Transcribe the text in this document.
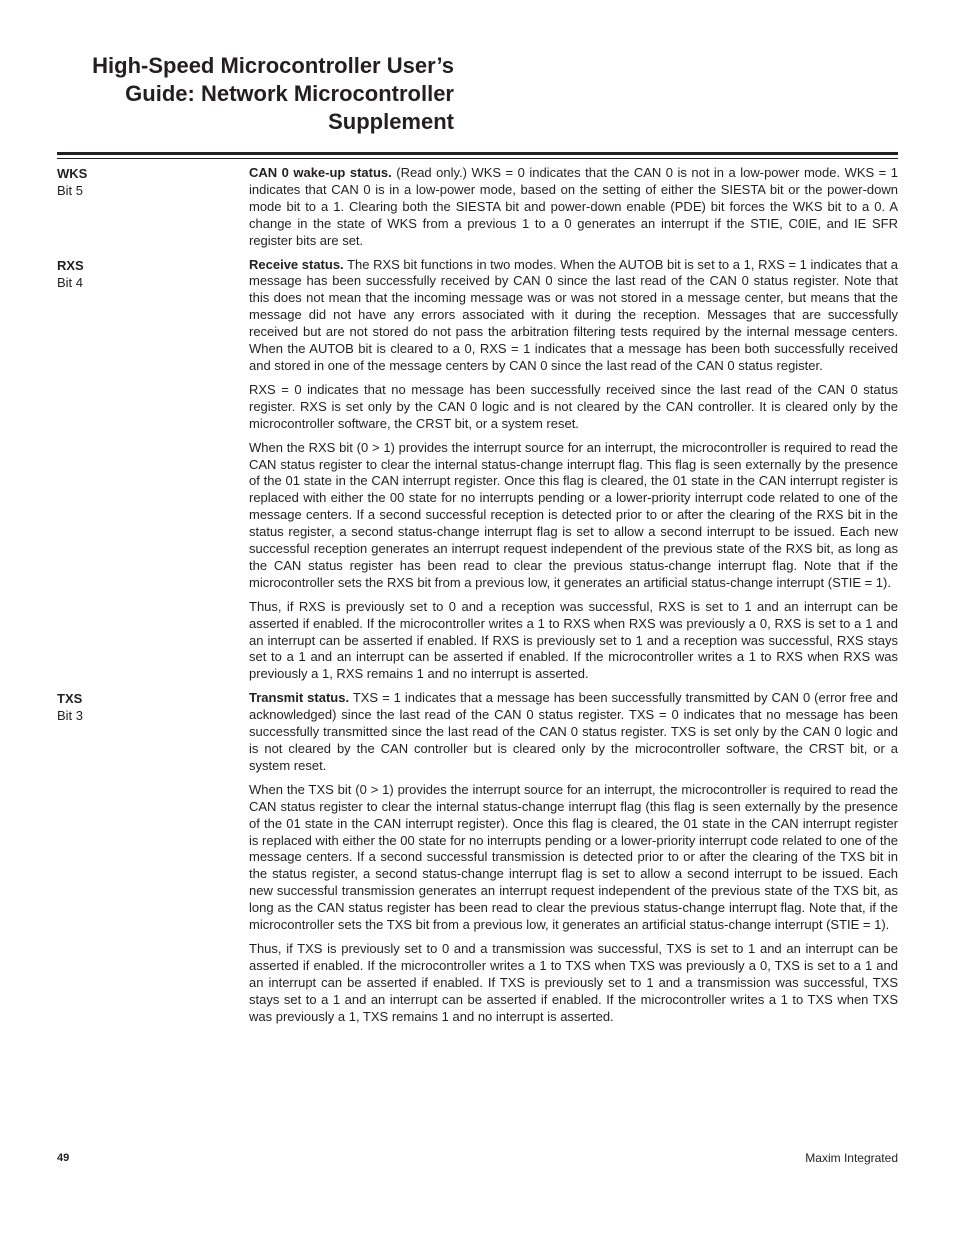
High-Speed Microcontroller User’s
Guide: Network Microcontroller
Supplement
WKS
Bit 5

CAN 0 wake-up status. (Read only.) WKS = 0 indicates that the CAN 0 is not in a low-power mode. WKS = 1 indicates that CAN 0 is in a low-power mode, based on the setting of either the SIESTA bit or the power-down mode bit to a 1. Clearing both the SIESTA bit and power-down enable (PDE) bit forces the WKS bit to a 0. A change in the state of WKS from a previous 1 to a 0 generates an interrupt if the STIE, C0IE, and IE SFR register bits are set.

RXS
Bit 4

Receive status. The RXS bit functions in two modes. When the AUTOB bit is set to a 1, RXS = 1 indicates that a message has been successfully received by CAN 0 since the last read of the CAN 0 status register. Note that this does not mean that the incoming message was or was not stored in a message center, but means that the message did not have any errors associated with it during the reception. Messages that are successfully received but are not stored do not pass the arbitration filtering tests required by the internal message centers. When the AUTOB bit is cleared to a 0, RXS = 1 indicates that a message has been both successfully received and stored in one of the message centers by CAN 0 since the last read of the CAN 0 status register.

RXS = 0 indicates that no message has been successfully received since the last read of the CAN 0 status register. RXS is set only by the CAN 0 logic and is not cleared by the CAN controller. It is cleared only by the microcontroller software, the CRST bit, or a system reset.

When the RXS bit (0 > 1) provides the interrupt source for an interrupt, the microcontroller is required to read the CAN status register to clear the internal status-change interrupt flag. This flag is seen externally by the presence of the 01 state in the CAN interrupt register. Once this flag is cleared, the 01 state in the CAN interrupt register is replaced with either the 00 state for no interrupts pending or a lower-priority interrupt code related to one of the message centers. If a second successful reception is detected prior to or after the clearing of the RXS bit in the status register, a second status-change interrupt flag is set to allow a second interrupt to be issued. Each new successful reception generates an interrupt request independent of the previous state of the RXS bit, as long as the CAN status register has been read to clear the previous status-change interrupt flag. Note that if the microcontroller sets the RXS bit from a previous low, it generates an artificial status-change interrupt (STIE = 1).

Thus, if RXS is previously set to 0 and a reception was successful, RXS is set to 1 and an interrupt can be asserted if enabled. If the microcontroller writes a 1 to RXS when RXS was previously a 0, RXS is set to a 1 and an interrupt can be asserted if enabled. If RXS is previously set to 1 and a reception was successful, RXS stays set to a 1 and an interrupt can be asserted if enabled. If the microcontroller writes a 1 to RXS when RXS was previously a 1, RXS remains 1 and no interrupt is asserted.

TXS
Bit 3

Transmit status. TXS = 1 indicates that a message has been successfully transmitted by CAN 0 (error free and acknowledged) since the last read of the CAN 0 status register. TXS = 0 indicates that no message has been successfully transmitted since the last read of the CAN 0 status register. TXS is set only by the CAN 0 logic and is not cleared by the CAN controller but is cleared only by the microcontroller software, the CRST bit, or a system reset.

When the TXS bit (0 > 1) provides the interrupt source for an interrupt, the microcontroller is required to read the CAN status register to clear the internal status-change interrupt flag (this flag is seen externally by the presence of the 01 state in the CAN interrupt register). Once this flag is cleared, the 01 state in the CAN interrupt register is replaced with either the 00 state for no interrupts pending or a lower-priority interrupt code related to one of the message centers. If a second successful transmission is detected prior to or after the clearing of the TXS bit in the status register, a second status-change interrupt flag is set to allow a second interrupt to be issued. Each new successful transmission generates an interrupt request independent of the previous state of the TXS bit, as long as the CAN status register has been read to clear the previous status-change interrupt flag. Note that, if the microcontroller sets the TXS bit from a previous low, it generates an artificial status-change interrupt (STIE = 1).

Thus, if TXS is previously set to 0 and a transmission was successful, TXS is set to 1 and an interrupt can be asserted if enabled. If the microcontroller writes a 1 to TXS when TXS was previously a 0, TXS is set to a 1 and an interrupt can be asserted if enabled. If TXS is previously set to 1 and a transmission was successful, TXS stays set to a 1 and an interrupt can be asserted if enabled. If the microcontroller writes a 1 to TXS when TXS was previously a 1, TXS remains 1 and no interrupt is asserted.

49	Maxim Integrated
